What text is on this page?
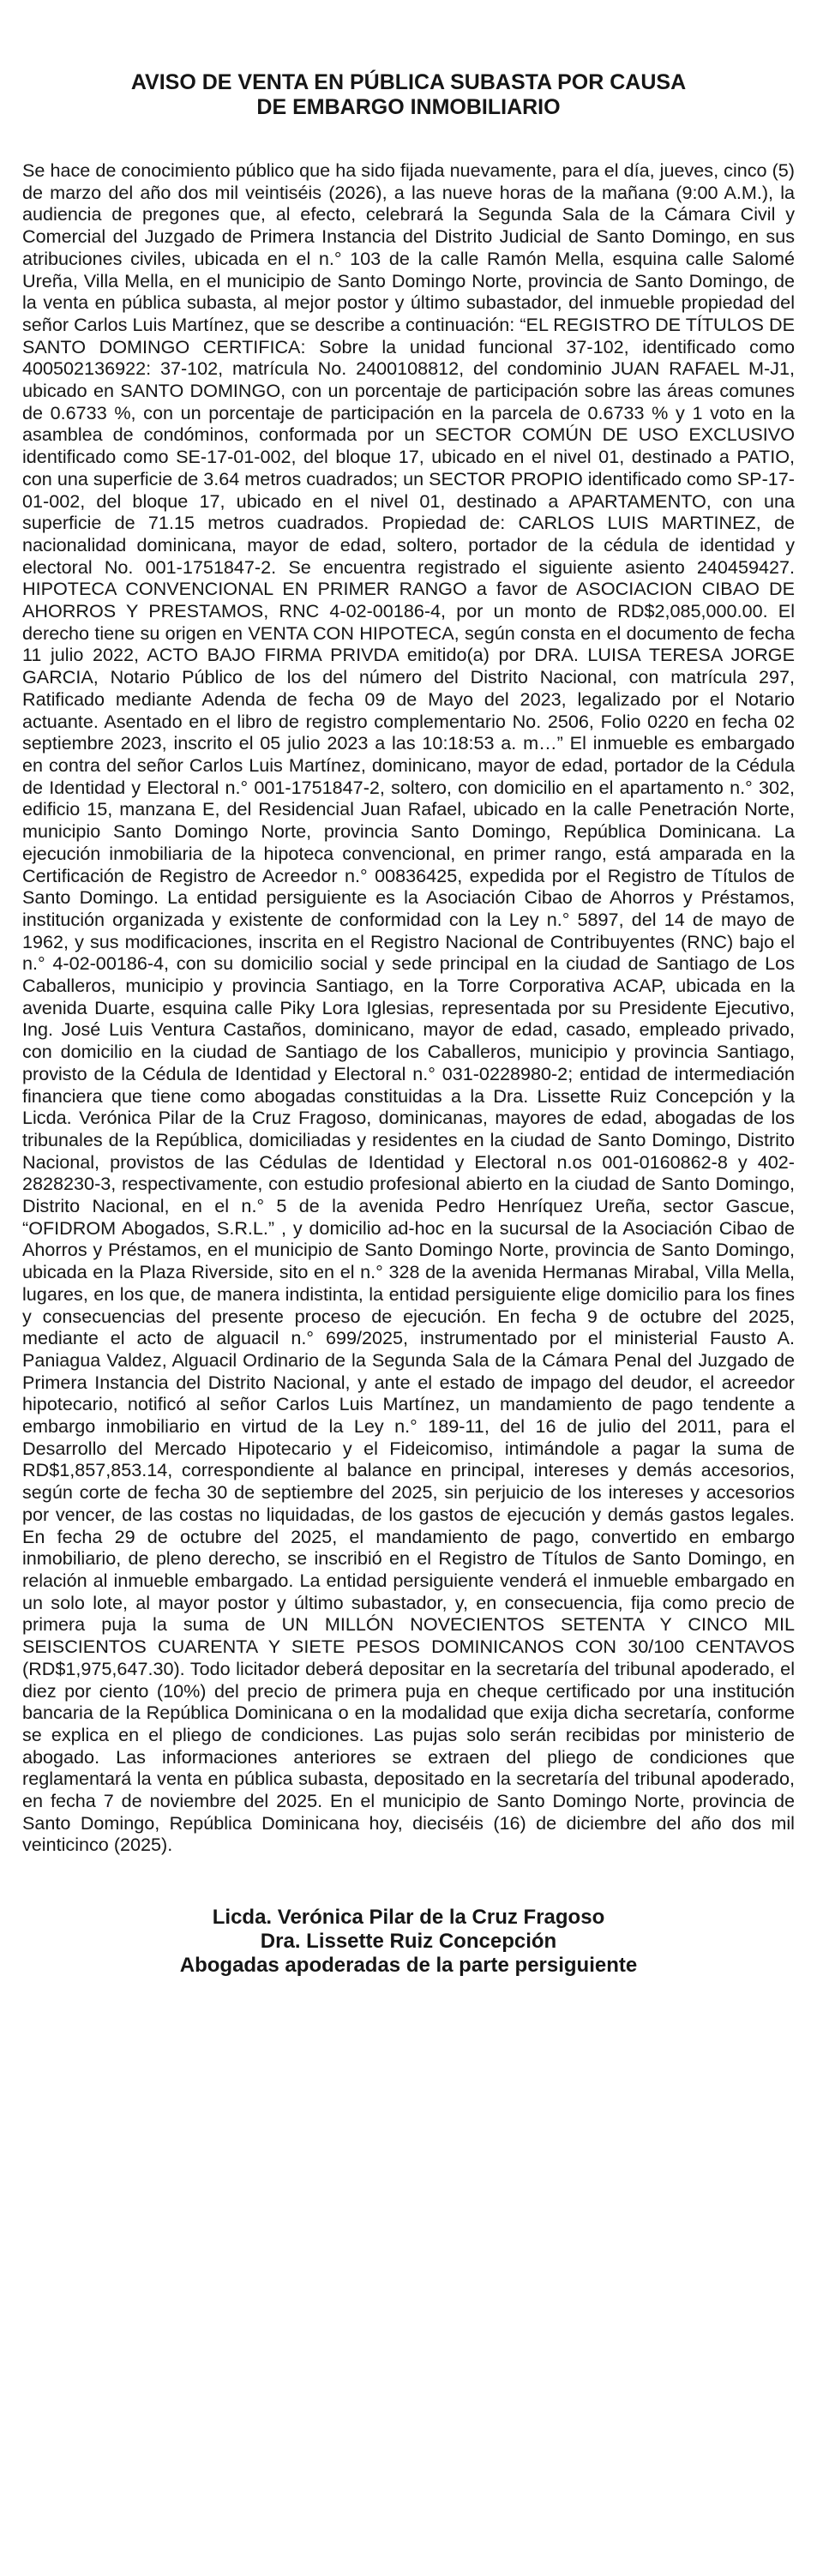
AVISO DE VENTA EN PÚBLICA SUBASTA POR CAUSA
DE EMBARGO INMOBILIARIO

Se hace de conocimiento público que ha sido fijada nuevamente, para el día, jueves, cinco (5) de marzo del año dos mil veintiséis (2026), a las nueve horas de la mañana (9:00 A.M.), la audiencia de pregones que, al efecto, celebrará la Segunda Sala de la Cámara Civil y Comercial del Juzgado de Primera Instancia del Distrito Judicial de Santo Domingo, en sus atribuciones civiles, ubicada en el n.° 103 de la calle Ramón Mella, esquina calle Salomé Ureña, Villa Mella, en el municipio de Santo Domingo Norte, provincia de Santo Domingo, de la venta en pública subasta, al mejor postor y último subastador, del inmueble propiedad del señor Carlos Luis Martínez, que se describe a continuación: “EL REGISTRO DE TÍTULOS DE SANTO DOMINGO CERTIFICA: Sobre la unidad funcional 37-102, identificado como 400502136922: 37-102, matrícula No. 2400108812, del condominio JUAN RAFAEL M-J1, ubicado en SANTO DOMINGO, con un porcentaje de participación sobre las áreas comunes de 0.6733 %, con un porcentaje de participación en la parcela de 0.6733 % y 1 voto en la asamblea de condóminos, conformada por un SECTOR COMÚN DE USO EXCLUSIVO identificado como SE-17-01-002, del bloque 17, ubicado en el nivel 01, destinado a PATIO, con una superficie de 3.64 metros cuadrados; un SECTOR PROPIO identificado como SP-17-01-002, del bloque 17, ubicado en el nivel 01, destinado a APARTAMENTO, con una superficie de 71.15 metros cuadrados. Propiedad de: CARLOS LUIS MARTINEZ, de nacionalidad dominicana, mayor de edad, soltero, portador de la cédula de identidad y electoral No. 001-1751847-2. Se encuentra registrado el siguiente asiento 240459427. HIPOTECA CONVENCIONAL EN PRIMER RANGO a favor de ASOCIACION CIBAO DE AHORROS Y PRESTAMOS, RNC 4-02-00186-4, por un monto de RD$2,085,000.00. El derecho tiene su origen en VENTA CON HIPOTECA, según consta en el documento de fecha 11 julio 2022, ACTO BAJO FIRMA PRIVDA emitido(a) por DRA. LUISA TERESA JORGE GARCIA, Notario Público de los del número del Distrito Nacional, con matrícula 297, Ratificado mediante Adenda de fecha 09 de Mayo del 2023, legalizado por el Notario actuante. Asentado en el libro de registro complementario No. 2506, Folio 0220 en fecha 02 septiembre 2023, inscrito el 05 julio 2023 a las 10:18:53 a. m…” El inmueble es embargado en contra del señor Carlos Luis Martínez, dominicano, mayor de edad, portador de la Cédula de Identidad y Electoral n.° 001-1751847-2, soltero, con domicilio en el apartamento n.° 302, edificio 15, manzana E, del Residencial Juan Rafael, ubicado en la calle Penetración Norte, municipio Santo Domingo Norte, provincia Santo Domingo, República Dominicana. La ejecución inmobiliaria de la hipoteca convencional, en primer rango, está amparada en la Certificación de Registro de Acreedor n.° 00836425, expedida por el Registro de Títulos de Santo Domingo. La entidad persiguiente es la Asociación Cibao de Ahorros y Préstamos, institución organizada y existente de conformidad con la Ley n.° 5897, del 14 de mayo de 1962, y sus modificaciones, inscrita en el Registro Nacional de Contribuyentes (RNC) bajo el n.° 4-02-00186-4, con su domicilio social y sede principal en la ciudad de Santiago de Los Caballeros, municipio y provincia Santiago, en la Torre Corporativa ACAP, ubicada en la avenida Duarte, esquina calle Piky Lora Iglesias, representada por su Presidente Ejecutivo, Ing. José Luis Ventura Castaños, dominicano, mayor de edad, casado, empleado privado, con domicilio en la ciudad de Santiago de los Caballeros, municipio y provincia Santiago, provisto de la Cédula de Identidad y Electoral n.° 031-0228980-2; entidad de intermediación financiera que tiene como abogadas constituidas a la Dra. Lissette Ruiz Concepción y la Licda. Verónica Pilar de la Cruz Fragoso, dominicanas, mayores de edad, abogadas de los tribunales de la República, domiciliadas y residentes en la ciudad de Santo Domingo, Distrito Nacional, provistos de las Cédulas de Identidad y Electoral n.os 001-0160862-8 y 402-2828230-3, respectivamente, con estudio profesional abierto en la ciudad de Santo Domingo, Distrito Nacional, en el n.° 5 de la avenida Pedro Henríquez Ureña, sector Gascue, “OFIDROM Abogados, S.R.L.” , y domicilio ad-hoc en la sucursal de la Asociación Cibao de Ahorros y Préstamos, en el municipio de Santo Domingo Norte, provincia de Santo Domingo, ubicada en la Plaza Riverside, sito en el n.° 328 de la avenida Hermanas Mirabal, Villa Mella, lugares, en los que, de manera indistinta, la entidad persiguiente elige domicilio para los fines y consecuencias del presente proceso de ejecución. En fecha 9 de octubre del 2025, mediante el acto de alguacil n.° 699/2025, instrumentado por el ministerial Fausto A. Paniagua Valdez, Alguacil Ordinario de la Segunda Sala de la Cámara Penal del Juzgado de Primera Instancia del Distrito Nacional, y ante el estado de impago del deudor, el acreedor hipotecario, notificó al señor Carlos Luis Martínez, un mandamiento de pago tendente a embargo inmobiliario en virtud de la Ley n.° 189-11, del 16 de julio del 2011, para el Desarrollo del Mercado Hipotecario y el Fideicomiso, intimándole a pagar la suma de RD$1,857,853.14, correspondiente al balance en principal, intereses y demás accesorios, según corte de fecha 30 de septiembre del 2025, sin perjuicio de los intereses y accesorios por vencer, de las costas no liquidadas, de los gastos de ejecución y demás gastos legales. En fecha 29 de octubre del 2025, el mandamiento de pago, convertido en embargo inmobiliario, de pleno derecho, se inscribió en el Registro de Títulos de Santo Domingo, en relación al inmueble embargado. La entidad persiguiente venderá el inmueble embargado en un solo lote, al mayor postor y último subastador, y, en consecuencia, fija como precio de primera puja la suma de UN MILLÓN NOVECIENTOS SETENTA Y CINCO MIL SEISCIENTOS CUARENTA Y SIETE PESOS DOMINICANOS CON 30/100 CENTAVOS (RD$1,975,647.30). Todo licitador deberá depositar en la secretaría del tribunal apoderado, el diez por ciento (10%) del precio de primera puja en cheque certificado por una institución bancaria de la República Dominicana o en la modalidad que exija dicha secretaría, conforme se explica en el pliego de condiciones. Las pujas solo serán recibidas por ministerio de abogado. Las informaciones anteriores se extraen del pliego de condiciones que reglamentará la venta en pública subasta, depositado en la secretaría del tribunal apoderado, en fecha 7 de noviembre del 2025. En el municipio de Santo Domingo Norte, provincia de Santo Domingo, República Dominicana hoy, dieciséis (16) de diciembre del año dos mil veinticinco (2025).

Licda. Verónica Pilar de la Cruz Fragoso
Dra. Lissette Ruiz Concepción
Abogadas apoderadas de la parte persiguiente
